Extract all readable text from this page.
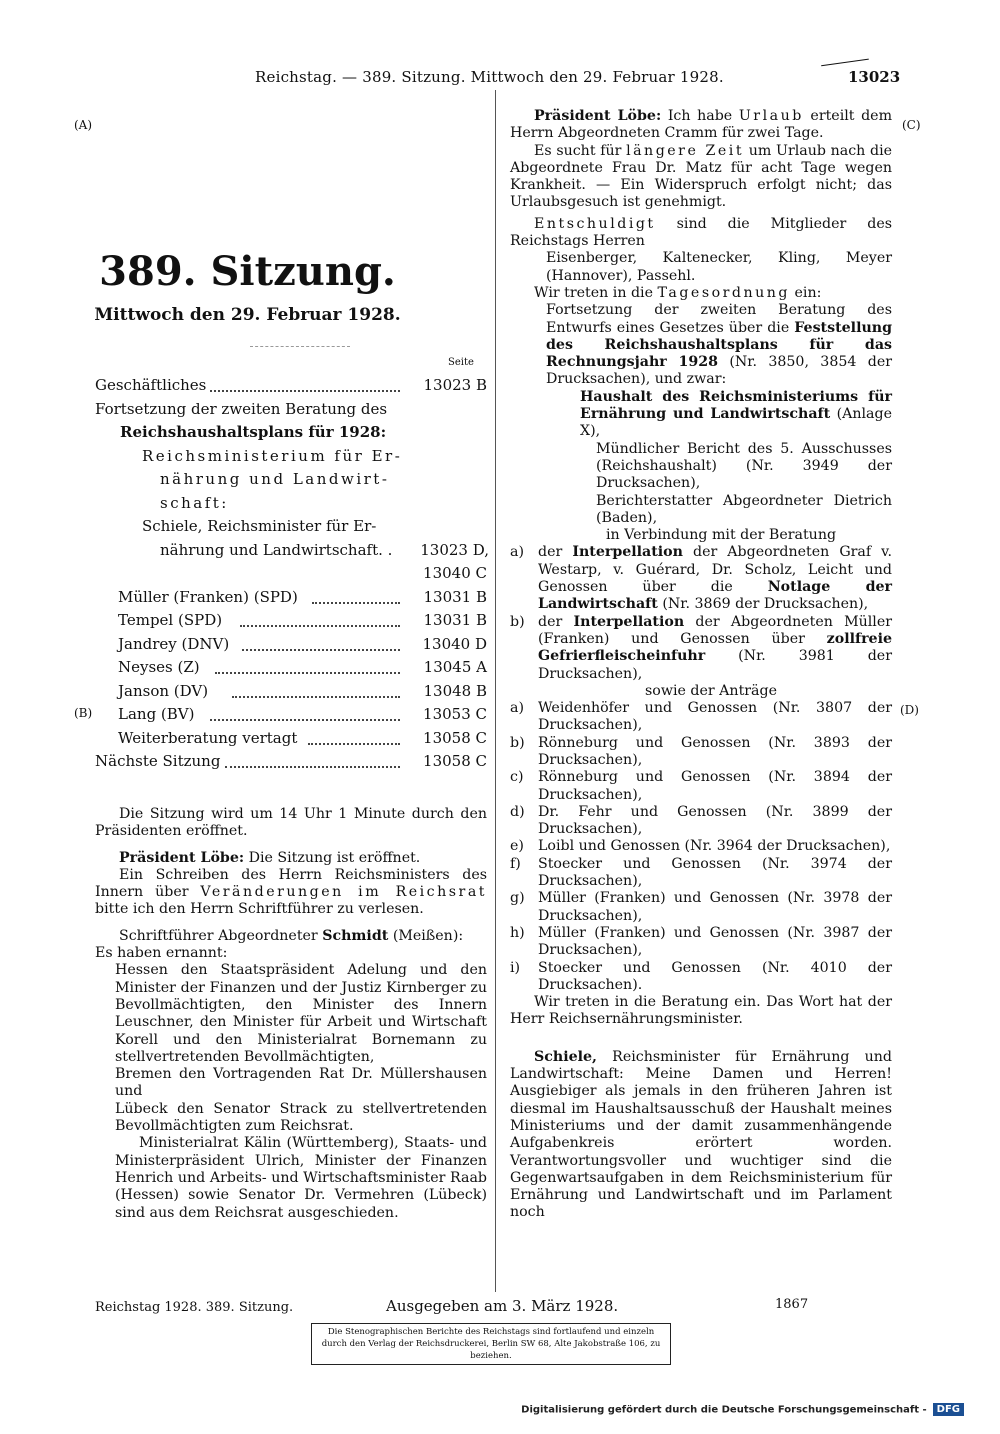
Reichstag. — 389. Sitzung. Mittwoch den 29. Februar 1928.	13023
(A)	(C)
(B)	(D)
389. Sitzung.
Mittwoch den 29. Februar 1928.
Seite
Geschäftliches	13023 B
Fortsetzung der zweiten Beratung des
Reichshaushaltsplans für 1928:
Reichsministerium für Er-
nährung und Landwirt-
schaft:
Schiele, Reichsminister für Er-
nährung und Landwirtschaft. . 13023 D,
13040 C
Müller (Franken) (SPD)	13031 B
Tempel (SPD)	13031 B
Jandrey (DNV)	13040 D
Neyses (Z)	13045 A
Janson (DV)	13048 B
Lang (BV)	13053 C
Weiterberatung vertagt	13058 C
Nächste Sitzung	13058 C

Die Sitzung wird um 14 Uhr 1 Minute durch den Präsidenten eröffnet.

Präsident Löbe: Die Sitzung ist eröffnet.

Ein Schreiben des Herrn Reichsministers des Innern über Veränderungen im Reichsrat bitte ich den Herrn Schriftführer zu verlesen.

Schriftführer Abgeordneter Schmidt (Meißen):

Es haben ernannt:

Hessen den Staatspräsident Adelung und den Minister der Finanzen und der Justiz Kirnberger zu Bevollmächtigten, den Minister des Innern Leuschner, den Minister für Arbeit und Wirtschaft Korell und den Ministerialrat Bornemann zu stellvertretenden Bevollmächtigten,

Bremen den Vortragenden Rat Dr. Müllershausen und

Lübeck den Senator Strack zu stellvertretenden Bevollmächtigten zum Reichsrat.

Ministerialrat Kälin (Württemberg), Staats- und Ministerpräsident Ulrich, Minister der Finanzen Henrich und Arbeits- und Wirtschaftsminister Raab (Hessen) sowie Senator Dr. Vermehren (Lübeck) sind aus dem Reichsrat ausgeschieden.

Präsident Löbe: Ich habe Urlaub erteilt dem Herrn Abgeordneten Cramm für zwei Tage.

Es sucht für längere Zeit um Urlaub nach die Abgeordnete Frau Dr. Matz für acht Tage wegen Krankheit. — Ein Widerspruch erfolgt nicht; das Urlaubsgesuch ist genehmigt.

Entschuldigt sind die Mitglieder des Reichstags Herren

Eisenberger, Kaltenecker, Kling, Meyer (Hannover), Passehl.

Wir treten in die Tagesordnung ein:

Fortsetzung der zweiten Beratung des Entwurfs eines Gesetzes über die Feststellung des Reichshaushaltsplans für das Rechnungsjahr 1928 (Nr. 3850, 3854 der Drucksachen), und zwar:

Haushalt des Reichsministeriums für Ernährung und Landwirtschaft (Anlage X),

Mündlicher Bericht des 5. Ausschusses (Reichshaushalt) (Nr. 3949 der Drucksachen),

Berichterstatter Abgeordneter Dietrich (Baden),

in Verbindung mit der Beratung

a) der Interpellation der Abgeordneten Graf v. Westarp, v. Guérard, Dr. Scholz, Leicht und Genossen über die Notlage der Landwirtschaft (Nr. 3869 der Drucksachen),

b) der Interpellation der Abgeordneten Müller (Franken) und Genossen über zollfreie Gefrierfleischeinfuhr (Nr. 3981 der Drucksachen),

sowie der Anträge

a) Weidenhöfer und Genossen (Nr. 3807 der Drucksachen),

b) Rönneburg und Genossen (Nr. 3893 der Drucksachen),

c) Rönneburg und Genossen (Nr. 3894 der Drucksachen),

d) Dr. Fehr und Genossen (Nr. 3899 der Drucksachen),

e) Loibl und Genossen (Nr. 3964 der Drucksachen),

f) Stoecker und Genossen (Nr. 3974 der Drucksachen),

g) Müller (Franken) und Genossen (Nr. 3978 der Drucksachen),

h) Müller (Franken) und Genossen (Nr. 3987 der Drucksachen),

i) Stoecker und Genossen (Nr. 4010 der Drucksachen).

Wir treten in die Beratung ein. Das Wort hat der Herr Reichsernährungsminister.

Schiele, Reichsminister für Ernährung und Landwirtschaft: Meine Damen und Herren! Ausgiebiger als jemals in den früheren Jahren ist diesmal im Haushaltsausschuß der Haushalt meines Ministeriums und der damit zusammenhängende Aufgabenkreis erörtert worden. Verantwortungsvoller und wuchtiger sind die Gegenwartsaufgaben in dem Reichsministerium für Ernährung und Landwirtschaft und im Parlament noch

Reichstag 1928. 389. Sitzung.	Ausgegeben am 3. März 1928.	1867
Die Stenographischen Berichte des Reichstags sind fortlaufend und einzeln durch den Verlag der Reichsdruckerei, Berlin SW 68, Alte Jakobstraße 106, zu beziehen.
Digitalisierung gefördert durch die Deutsche Forschungsgemeinschaft - DFG
